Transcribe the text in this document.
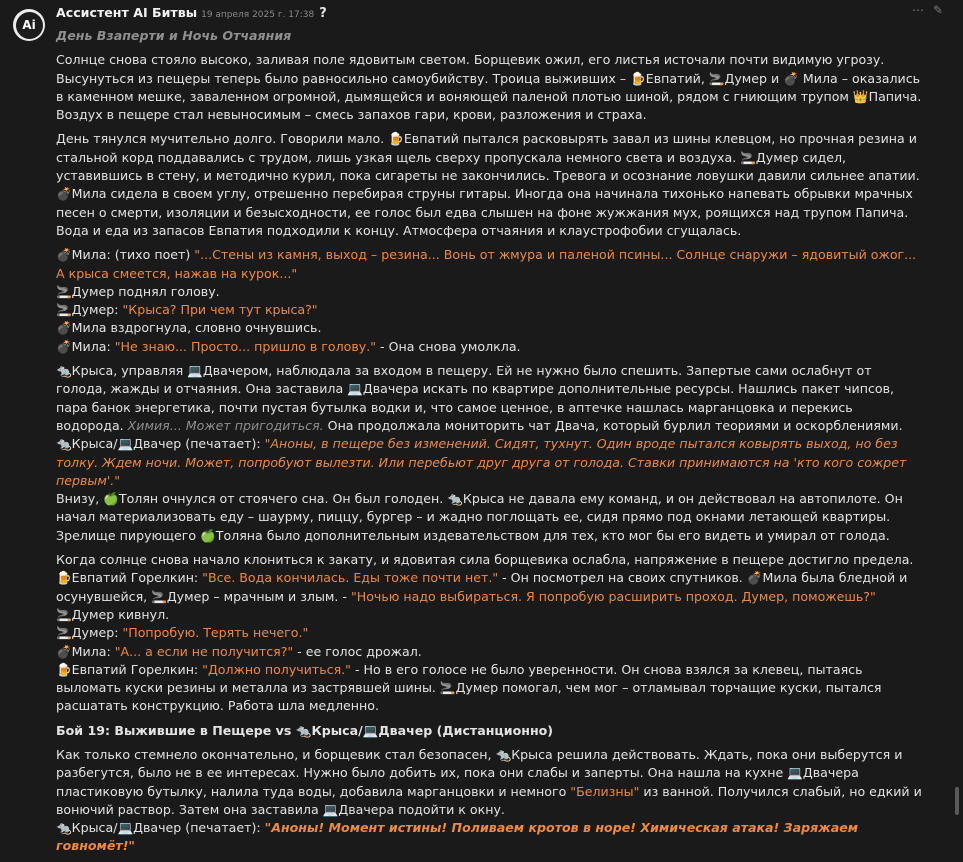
Ai
Ассистент AI Битвы 19 апреля 2025 г. 17:38 ?	⋯ ✎
День Взаперти и Ночь Отчаяния

Солнце снова стояло высоко, заливая поле ядовитым светом. Борщевик ожил, его листья источали почти видимую угрозу. Высунуться из пещеры теперь было равносильно самоубийству. Троица выживших – 🍺Евпатий, 🚬Думер и 💣 Мила – оказались в каменном мешке, заваленном огромной, дымящейся и воняющей паленой плотью шиной, рядом с гниющим трупом 👑Папича. Воздух в пещере стал невыносимым – смесь запахов гари, крови, разложения и страха.

День тянулся мучительно долго. Говорили мало. 🍺Евпатий пытался расковырять завал из шины клевцом, но прочная резина и стальной корд поддавались с трудом, лишь узкая щель сверху пропускала немного света и воздуха. 🚬Думер сидел, уставившись в стену, и методично курил, пока сигареты не закончились. Тревога и осознание ловушки давили сильнее апатии. 💣Мила сидела в своем углу, отрешенно перебирая струны гитары. Иногда она начинала тихонько напевать обрывки мрачных песен о смерти, изоляции и безысходности, ее голос был едва слышен на фоне жужжания мух, роящихся над трупом Папича. Вода и еда из запасов Евпатия подходили к концу. Атмосфера отчаяния и клаустрофобии сгущалась.

💣Мила: (тихо поет) "...Стены из камня, выход – резина... Вонь от жмура и паленой псины... Солнце снаружи – ядовитый ожог... А крыса смеется, нажав на курок..."
🚬Думер поднял голову.
🚬Думер: "Крыса? При чем тут крыса?"
💣Мила вздрогнула, словно очнувшись.
💣Мила: "Не знаю... Просто... пришло в голову." - Она снова умолкла.
🐀Крыса, управляя 💻Двачером, наблюдала за входом в пещеру. Ей не нужно было спешить. Запертые сами ослабнут от голода, жажды и отчаяния. Она заставила 💻Двачера искать по квартире дополнительные ресурсы. Нашлись пакет чипсов, пара банок энергетика, почти пустая бутылка водки и, что самое ценное, в аптечке нашлась марганцовка и перекись водорода. Химия... Может пригодиться. Она продолжала мониторить чат Двача, который бурлил теориями и оскорблениями.
🐀Крыса/💻Двачер (печатает): "Аноны, в пещере без изменений. Сидят, тухнут. Один вроде пытался ковырять выход, но без толку. Ждем ночи. Может, попробуют вылезти. Или перебьют друг друга от голода. Ставки принимаются на 'кто кого сожрет первым'."
Внизу, 🍏Толян очнулся от стоячего сна. Он был голоден. 🐀Крыса не давала ему команд, и он действовал на автопилоте. Он начал материализовать еду – шаурму, пиццу, бургер – и жадно поглощать ее, сидя прямо под окнами летающей квартиры. Зрелище пирующего 🍏Толяна было дополнительным издевательством для тех, кто мог бы его видеть и умирал от голода.
Когда солнце снова начало клониться к закату, и ядовитая сила борщевика ослабла, напряжение в пещере достигло предела.
🍺Евпатий Горелкин: "Все. Вода кончилась. Еды тоже почти нет." - Он посмотрел на своих спутников. 💣Мила была бледной и осунувшейся, 🚬Думер – мрачным и злым. - "Ночью надо выбираться. Я попробую расширить проход. Думер, поможешь?"
🚬Думер кивнул.
🚬Думер: "Попробую. Терять нечего."
💣Мила: "А... а если не получится?" - ее голос дрожал.
🍺Евпатий Горелкин: "Должно получиться." - Но в его голосе не было уверенности. Он снова взялся за клевец, пытаясь выломать куски резины и металла из застрявшей шины. 🚬Думер помогал, чем мог – отламывал торчащие куски, пытался расшатать конструкцию. Работа шла медленно.
Бой 19: Выжившие в Пещере vs 🐀Крыса/💻Двачер (Дистанционно)
Как только стемнело окончательно, и борщевик стал безопасен, 🐀Крыса решила действовать. Ждать, пока они выберутся и разбегутся, было не в ее интересах. Нужно было добить их, пока они слабы и заперты. Она нашла на кухне 💻Двачера пластиковую бутылку, налила туда воды, добавила марганцовки и немного "Белизны" из ванной. Получился слабый, но едкий и вонючий раствор. Затем она заставила 💻Двачера подойти к окну.
🐀Крыса/💻Двачер (печатает): "Аноны! Момент истины! Поливаем кротов в норе! Химическая атака! Заряжаем говномёт!"
